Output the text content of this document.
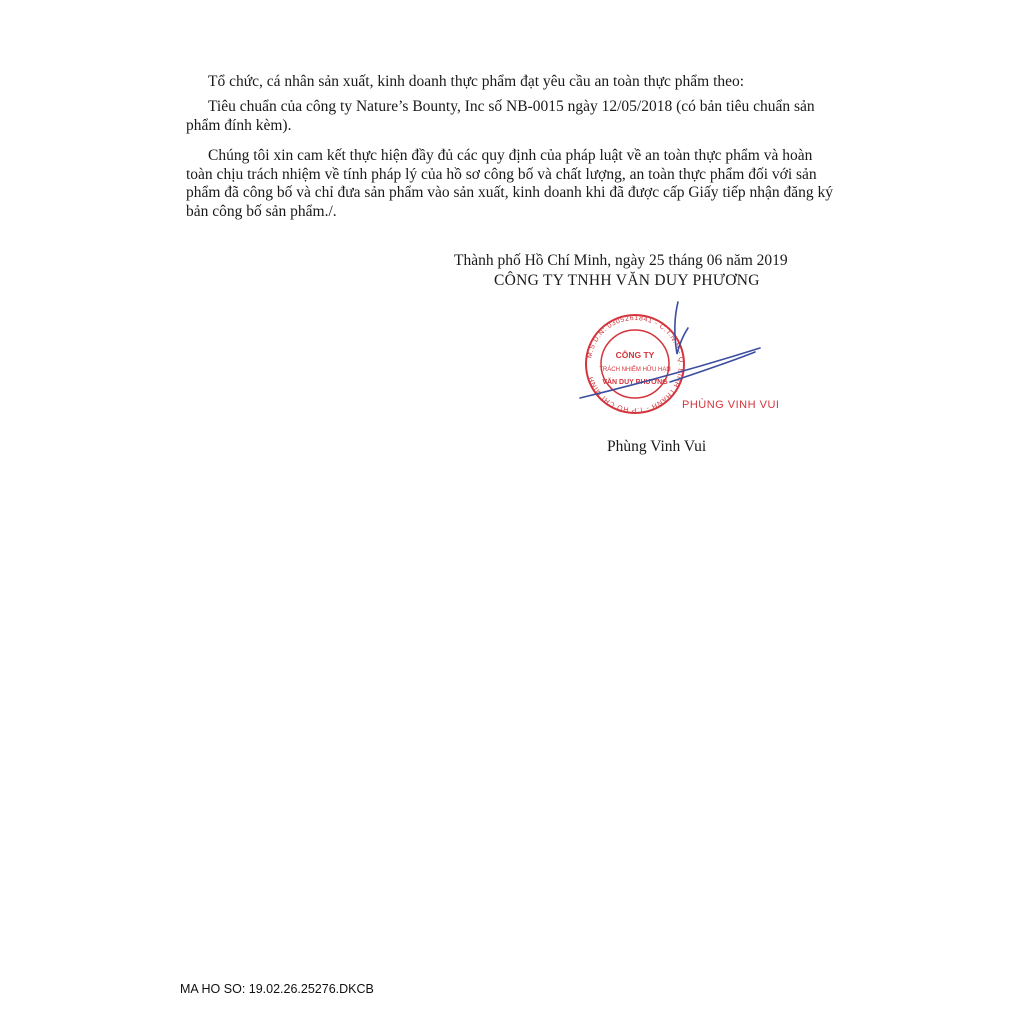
Tổ chức, cá nhân sản xuất, kinh doanh thực phẩm đạt yêu cầu an toàn thực phẩm theo:

Tiêu chuẩn của công ty Nature’s Bounty, Inc số NB-0015 ngày 12/05/2018 (có bản tiêu chuẩn sản phẩm đính kèm).

Chúng tôi xin cam kết thực hiện đầy đủ các quy định của pháp luật về an toàn thực phẩm và hoàn toàn chịu trách nhiệm về tính pháp lý của hồ sơ công bố và chất lượng, an toàn thực phẩm đối với sản phẩm đã công bố và chỉ đưa sản phẩm vào sản xuất, kinh doanh khi đã được cấp Giấy tiếp nhận đăng ký bản công bố sản phẩm./.

Thành phố Hồ Chí Minh, ngày 25 tháng 06 năm 2019
CÔNG TY TNHH VĂN DUY PHƯƠNG
M.S.D.N: 0305261841 - C.T.N.H - Q. BÌNH THẠNH - T.P HỒ CHÍ MINH
CÔNG TY
TRÁCH NHIỆM HỮU HẠN
VĂN DUY PHƯƠNG
PHÙNG VINH VUI
Phùng Vinh Vui
MA HO SO: 19.02.26.25276.DKCB
